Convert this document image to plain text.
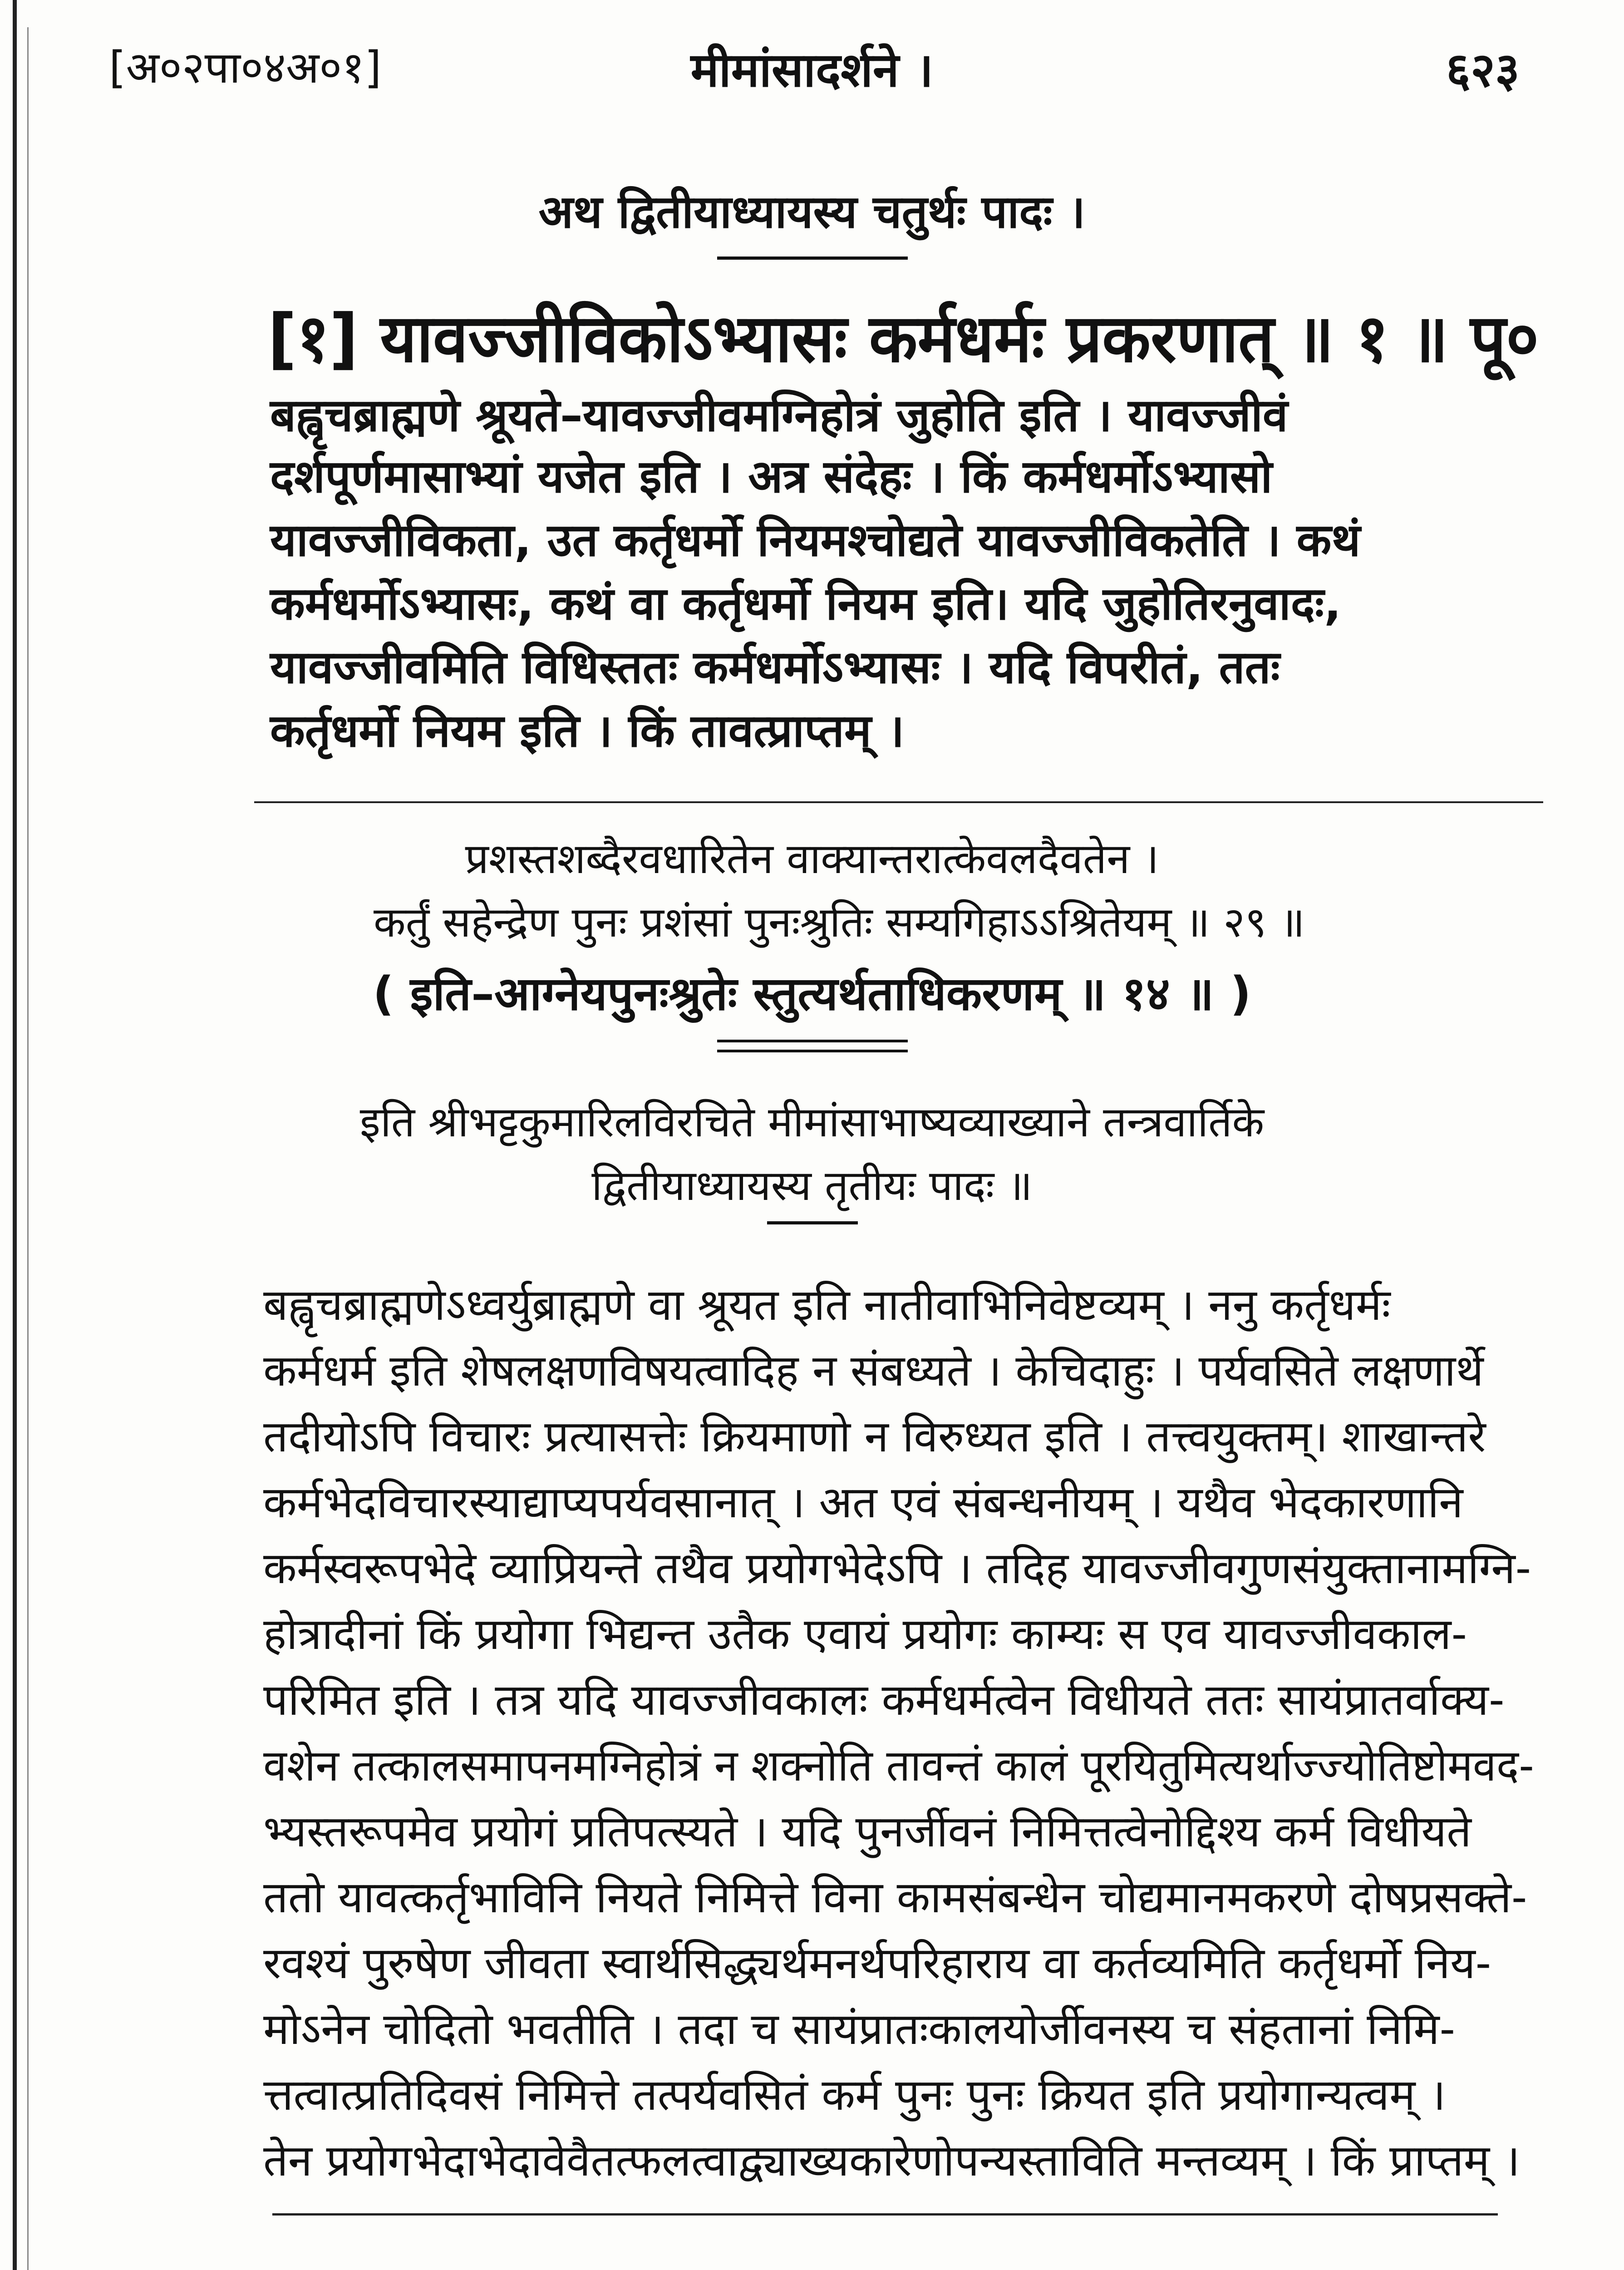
[अ०२पा०४अ०१]	मीमांसादर्शने ।	६२३
अथ द्वितीयाध्यायस्य चतुर्थः पादः ।
[१] यावज्जीविकोऽभ्यासः कर्मधर्मः प्रकरणात् ॥ १ ॥ पू०
बह्वृचब्राह्मणे श्रूयते–यावज्जीवमग्निहोत्रं जुहोति इति । यावज्जीवं
दर्शपूर्णमासाभ्यां यजेत इति । अत्र संदेहः । किं कर्मधर्मोऽभ्यासो
यावज्जीविकता, उत कर्तृधर्मो नियमश्चोद्यते यावज्जीविकतेति । कथं
कर्मधर्मोऽभ्यासः, कथं वा कर्तृधर्मो नियम इति। यदि जुहोतिरनुवादः,
यावज्जीवमिति विधिस्ततः कर्मधर्मोऽभ्यासः । यदि विपरीतं, ततः
कर्तृधर्मो नियम इति । किं तावत्प्राप्तम् ।
प्रशस्तशब्दैरवधारितेन वाक्यान्तरात्केवलदैवतेन ।
कर्तुं सहेन्द्रेण पुनः प्रशंसां पुनःश्रुतिः सम्यगिहाऽऽश्रितेयम् ॥ २९ ॥
( इति–आग्नेयपुनःश्रुतेः स्तुत्यर्थताधिकरणम् ॥ १४ ॥ )
इति श्रीभट्टकुमारिलविरचिते मीमांसाभाष्यव्याख्याने तन्त्रवार्तिके
द्वितीयाध्यायस्य तृतीयः पादः ॥
बह्वृचब्राह्मणेऽध्वर्युब्राह्मणे वा श्रूयत इति नातीवाभिनिवेष्टव्यम् । ननु कर्तृधर्मः
कर्मधर्म इति शेषलक्षणविषयत्वादिह न संबध्यते । केचिदाहुः । पर्यवसिते लक्षणार्थे
तदीयोऽपि विचारः प्रत्यासत्तेः क्रियमाणो न विरुध्यत इति । तत्त्वयुक्तम्। शाखान्तरे
कर्मभेदविचारस्याद्याप्यपर्यवसानात् । अत एवं संबन्धनीयम् । यथैव भेदकारणानि
कर्मस्वरूपभेदे व्याप्रियन्ते तथैव प्रयोगभेदेऽपि । तदिह यावज्जीवगुणसंयुक्तानामग्नि-
होत्रादीनां किं प्रयोगा भिद्यन्त उतैक एवायं प्रयोगः काम्यः स एव यावज्जीवकाल-
परिमित इति । तत्र यदि यावज्जीवकालः कर्मधर्मत्वेन विधीयते ततः सायंप्रातर्वाक्य-
वशेन तत्कालसमापनमग्निहोत्रं न शक्नोति तावन्तं कालं पूरयितुमित्यर्थाज्ज्योतिष्टोमवद-
भ्यस्तरूपमेव प्रयोगं प्रतिपत्स्यते । यदि पुनर्जीवनं निमित्तत्वेनोद्दिश्य कर्म विधीयते
ततो यावत्कर्तृभाविनि नियते निमित्ते विना कामसंबन्धेन चोद्यमानमकरणे दोषप्रसक्ते-
रवश्यं पुरुषेण जीवता स्वार्थसिद्ध्यर्थमनर्थपरिहाराय वा कर्तव्यमिति कर्तृधर्मो निय-
मोऽनेन चोदितो भवतीति । तदा च सायंप्रातःकालयोर्जीवनस्य च संहतानां निमि-
त्तत्वात्प्रतिदिवसं निमित्ते तत्पर्यवसितं कर्म पुनः पुनः क्रियत इति प्रयोगान्यत्वम् ।
तेन प्रयोगभेदाभेदावेवैतत्फलत्वाद्व्याख्यकारेणोपन्यस्ताविति मन्तव्यम् । किं प्राप्तम् ।
